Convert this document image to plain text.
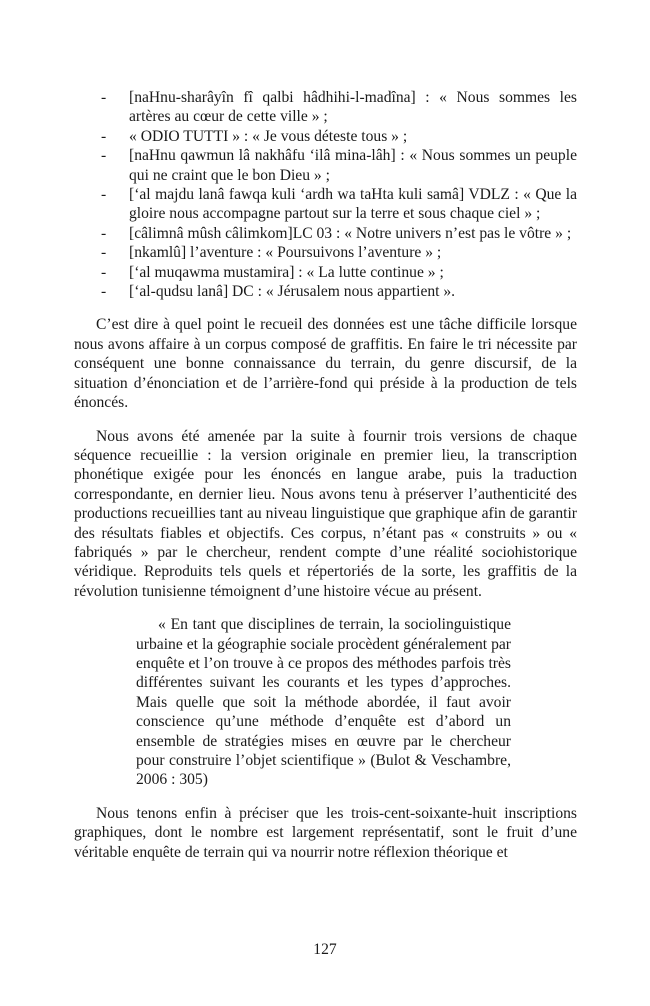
- [naHnu-sharâyîn fî qalbi hâdhihi-l-madîna] : « Nous sommes les artères au cœur de cette ville » ;
- « ODIO TUTTI » : « Je vous déteste tous » ;
- [naHnu qawmun lâ nakhâfu ‘ilâ mina-lâh] : « Nous sommes un peuple qui ne craint que le bon Dieu » ;
- [‘al majdu lanâ fawqa kuli ‘ardh wa taHta kuli samâ] VDLZ : « Que la gloire nous accompagne partout sur la terre et sous chaque ciel » ;
- [câlimnâ mûsh câlimkom]LC 03 : « Notre univers n’est pas le vôtre » ;
- [nkamlû] l’aventure : « Poursuivons l’aventure » ;
- [‘al muqawma mustamira] : « La lutte continue » ;
- [‘al-qudsu lanâ] DC : « Jérusalem nous appartient ».

C’est dire à quel point le recueil des données est une tâche difficile lorsque nous avons affaire à un corpus composé de graffitis. En faire le tri nécessite par conséquent une bonne connaissance du terrain, du genre discursif, de la situation d’énonciation et de l’arrière-fond qui préside à la production de tels énoncés.

Nous avons été amenée par la suite à fournir trois versions de chaque séquence recueillie : la version originale en premier lieu, la transcription phonétique exigée pour les énoncés en langue arabe, puis la traduction correspondante, en dernier lieu. Nous avons tenu à préserver l’authenticité des productions recueillies tant au niveau linguistique que graphique afin de garantir des résultats fiables et objectifs. Ces corpus, n’étant pas « construits » ou « fabriqués » par le chercheur, rendent compte d’une réalité sociohistorique véridique. Reproduits tels quels et répertoriés de la sorte, les graffitis de la révolution tunisienne témoignent d’une histoire vécue au présent.

« En tant que disciplines de terrain, la sociolinguistique urbaine et la géographie sociale procèdent généralement par enquête et l’on trouve à ce propos des méthodes parfois très différentes suivant les courants et les types d’approches. Mais quelle que soit la méthode abordée, il faut avoir conscience qu’une méthode d’enquête est d’abord un ensemble de stratégies mises en œuvre par le chercheur pour construire l’objet scientifique » (Bulot & Veschambre, 2006 : 305)

Nous tenons enfin à préciser que les trois-cent-soixante-huit inscriptions graphiques, dont le nombre est largement représentatif, sont le fruit d’une véritable enquête de terrain qui va nourrir notre réflexion théorique et

127
